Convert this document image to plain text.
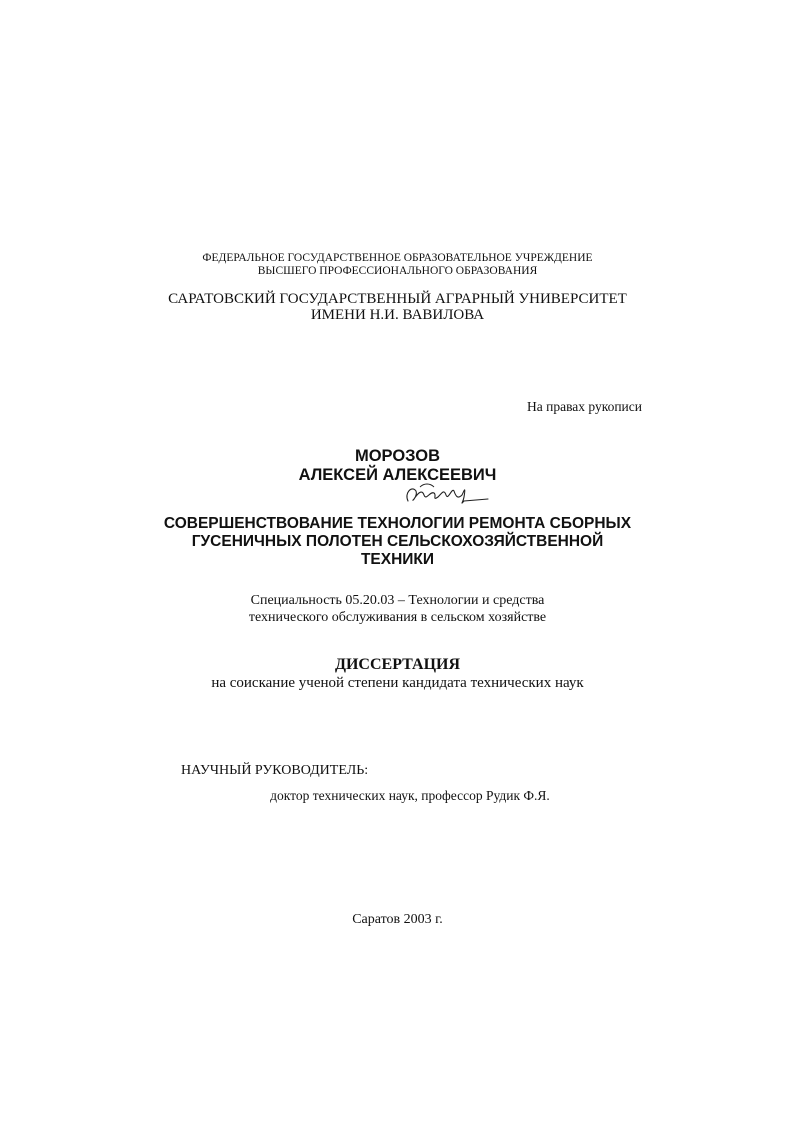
ФЕДЕРАЛЬНОЕ ГОСУДАРСТВЕННОЕ ОБРАЗОВАТЕЛЬНОЕ УЧРЕЖДЕНИЕ
ВЫСШЕГО ПРОФЕССИОНАЛЬНОГО ОБРАЗОВАНИЯ
САРАТОВСКИЙ ГОСУДАРСТВЕННЫЙ АГРАРНЫЙ УНИВЕРСИТЕТ
ИМЕНИ Н.И. ВАВИЛОВА
На правах рукописи
МОРОЗОВ
АЛЕКСЕЙ АЛЕКСЕЕВИЧ
СОВЕРШЕНСТВОВАНИЕ ТЕХНОЛОГИИ РЕМОНТА СБОРНЫХ
ГУСЕНИЧНЫХ ПОЛОТЕН СЕЛЬСКОХОЗЯЙСТВЕННОЙ
ТЕХНИКИ
Специальность 05.20.03 – Технологии и средства
технического обслуживания в сельском хозяйстве
ДИССЕРТАЦИЯ
на соискание ученой степени кандидата технических наук
НАУЧНЫЙ РУКОВОДИТЕЛЬ:
доктор технических наук, профессор Рудик Ф.Я.
Саратов 2003 г.
